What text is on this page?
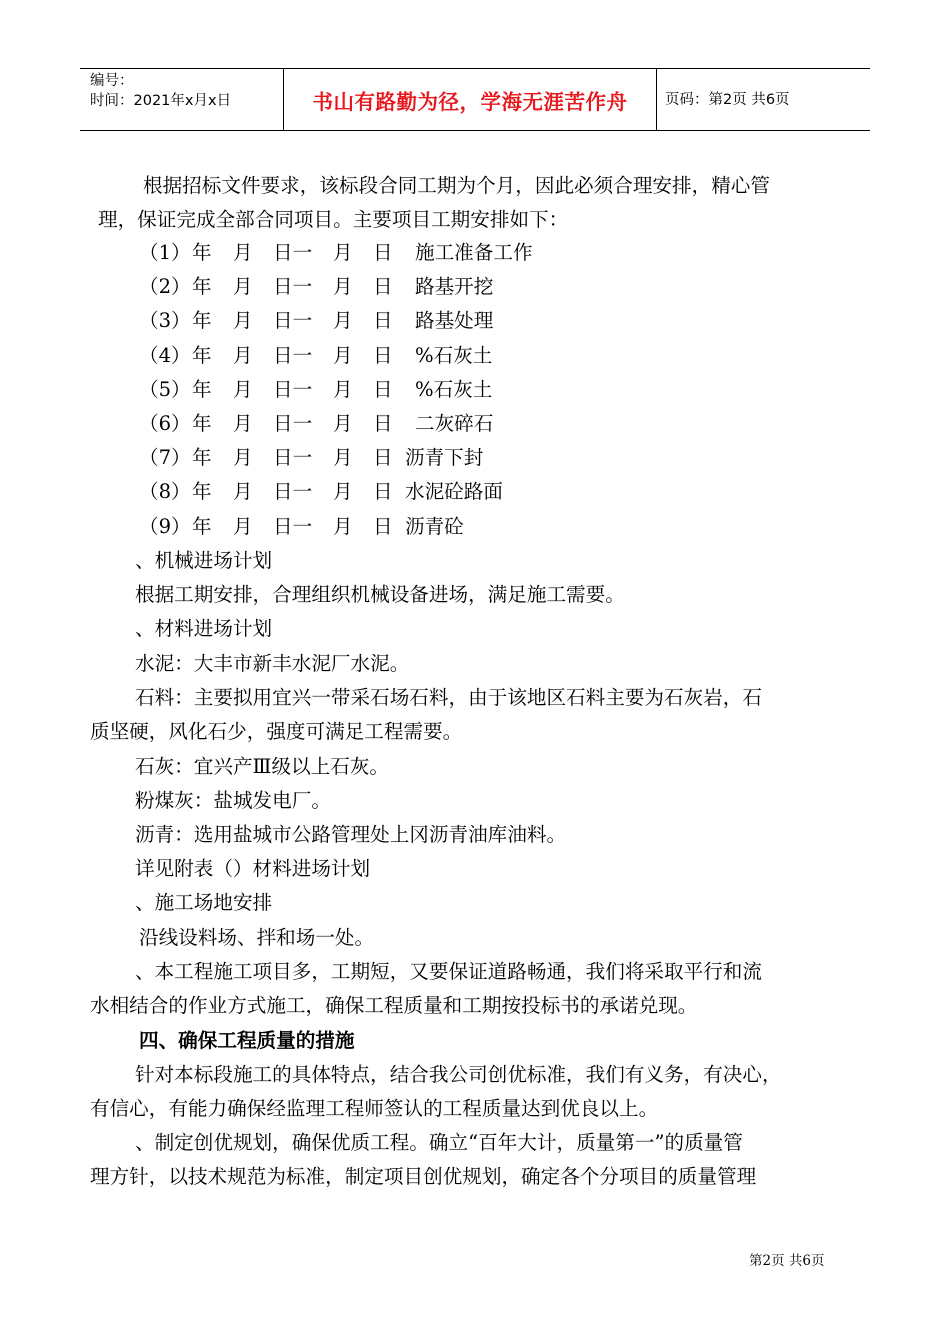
编号：
时间：2021年x月x日	书山有路勤为径，学海无涯苦作舟	页码：第2页 共6页
根据招标文件要求，该标段合同工期为个月，因此必须合理安排，精心管
理，保证完成全部合同项目。主要项目工期安排如下：
（1） 年 月 日一 月 日 施工准备工作
（2） 年 月 日一 月 日 路基开挖
（3） 年 月 日一 月 日 路基处理
（4） 年 月 日一 月 日 %石灰土
（5） 年 月 日一 月 日 %石灰土
（6） 年 月 日一 月 日 二灰碎石
（7） 年 月 日一 月 日 沥青下封
（8） 年 月 日一 月 日 水泥砼路面
（9） 年 月 日一 月 日 沥青砼
、机械进场计划
根据工期安排，合理组织机械设备进场，满足施工需要。
、材料进场计划
水泥：大丰市新丰水泥厂水泥。
石料：主要拟用宜兴一带采石场石料，由于该地区石料主要为石灰岩，石
质坚硬，风化石少，强度可满足工程需要。
石灰：宜兴产Ⅲ级以上石灰。
粉煤灰：盐城发电厂。
沥青：选用盐城市公路管理处上冈沥青油库油料。
详见附表（）材料进场计划
、施工场地安排
沿线设料场、拌和场一处。
、本工程施工项目多，工期短，又要保证道路畅通，我们将采取平行和流
水相结合的作业方式施工，确保工程质量和工期按投标书的承诺兑现。
四、确保工程质量的措施
针对本标段施工的具体特点，结合我公司创优标准，我们有义务，有决心，
有信心，有能力确保经监理工程师签认的工程质量达到优良以上。
、制定创优规划，确保优质工程。确立“百年大计，质量第一”的质量管
理方针，以技术规范为标准，制定项目创优规划，确定各个分项目的质量管理
第2页 共6页
